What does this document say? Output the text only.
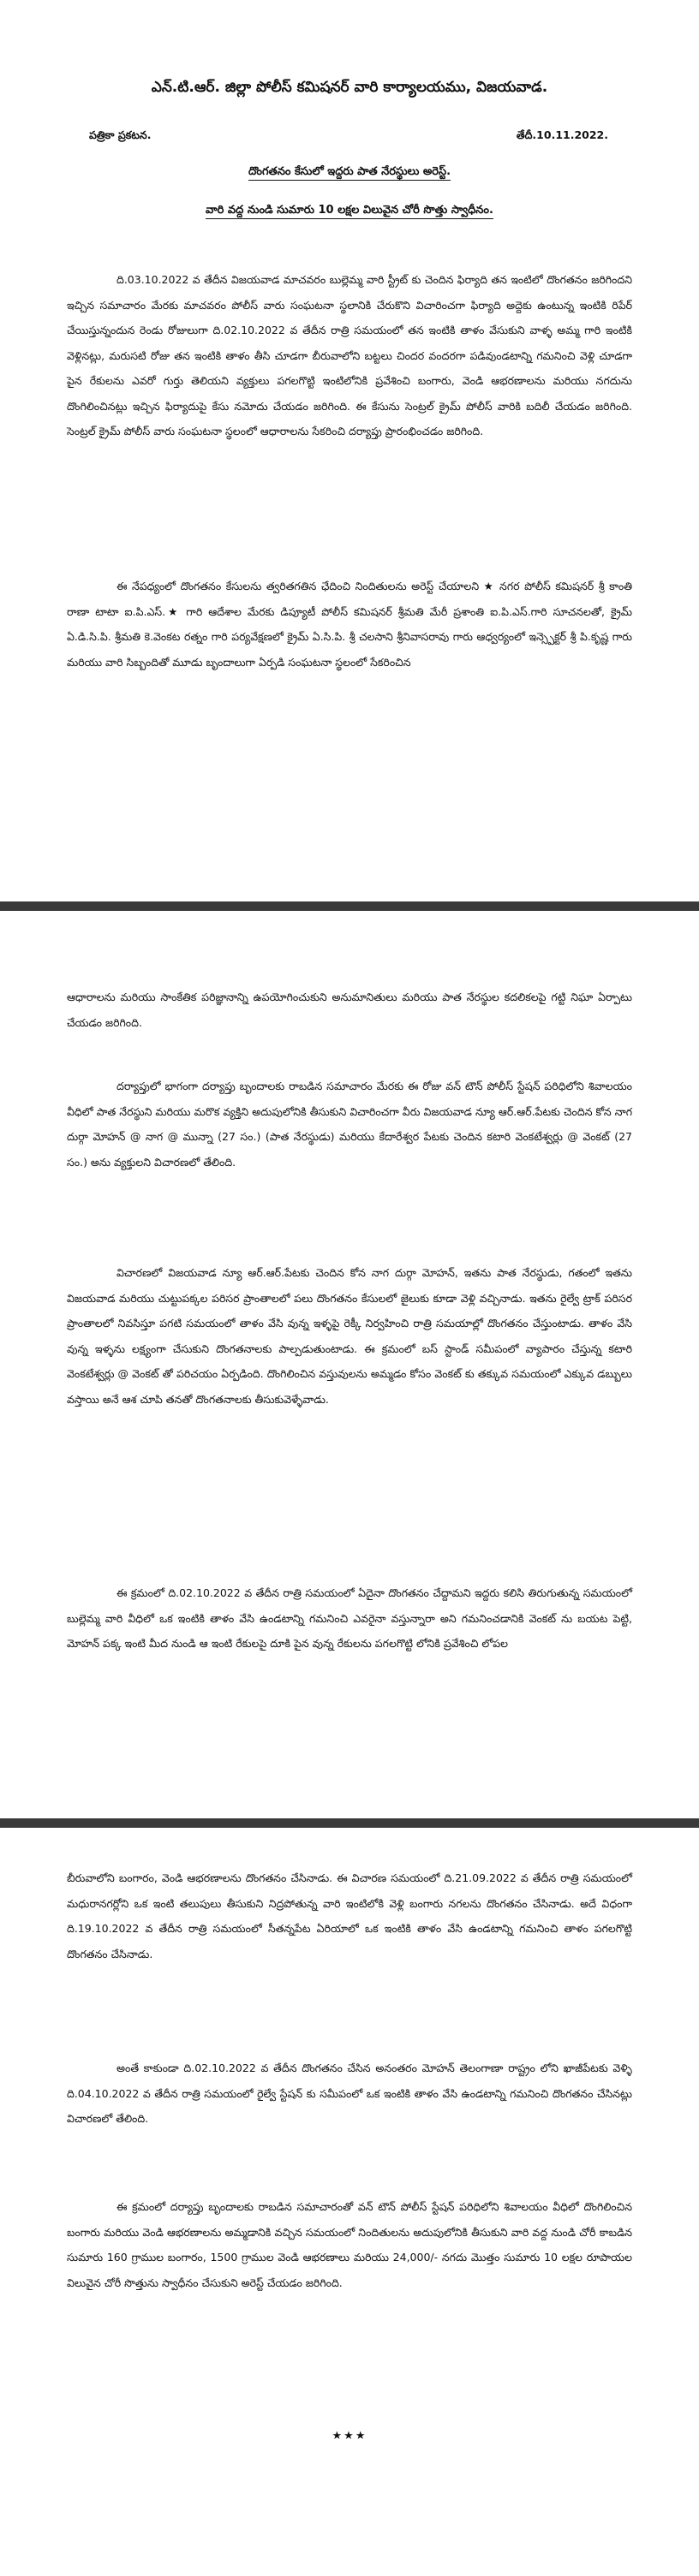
ఎన్.టి.ఆర్. జిల్లా పోలీస్ కమిషనర్ వారి కార్యాలయము, విజయవాడ.
పత్రికా ప్రకటన.	తేదీ.10.11.2022.
దొంగతనం కేసులో ఇద్దరు పాత నేరస్థులు అరెస్ట్.
వారి వద్ద నుండి సుమారు 10 లక్షల విలువైన చోరీ సొత్తు స్వాధీనం.

ది.03.10.2022 వ తేదీన విజయవాడ మాచవరం బుల్లెమ్మ వారి స్ట్రీట్ కు చెందిన ఫిర్యాది తన ఇంటిలో దొంగతనం జరిగిందని ఇచ్చిన సమాచారం మేరకు మాచవరం పోలీస్ వారు సంఘటనా స్థలానికి చేరుకొని విచారించగా ఫిర్యాది అద్దెకు ఉంటున్న ఇంటికి రిపేర్ చేయిస్తున్నందున రెండు రోజులుగా ది.02.10.2022 వ తేదీన రాత్రి సమయంలో తన ఇంటికి తాళం వేసుకుని వాళ్ళ అమ్మ గారి ఇంటికి వెళ్లినట్లు, మరుసటి రోజు తన ఇంటికి తాళం తీసి చూడగా బీరువాలోని బట్టలు చిందర వందరగా పడివుండటాన్ని గమనించి వెళ్లి చూడగా పైన రేకులను ఎవరో గుర్తు తెలియని వ్యక్తులు పగలగొట్టి ఇంటిలోనికి ప్రవేశించి బంగారు, వెండి ఆభరణాలను మరియు నగదును దొంగిలించినట్లు ఇచ్చిన ఫిర్యాదుపై కేసు నమోదు చేయడం జరిగింది. ఈ కేసును సెంట్రల్ క్రైమ్ పోలీస్ వారికి బదిలీ చేయడం జరిగింది. సెంట్రల్ క్రైమ్ పోలీస్ వారు సంఘటనా స్థలంలో ఆధారాలను సేకరించి దర్యాప్తు ప్రారంభించడం జరిగింది.

ఈ నేపధ్యంలో దొంగతనం కేసులను త్వరితగతిన ఛేదించి నిందితులను అరెస్ట్ చేయాలని ★ నగర పోలీస్ కమిషనర్ శ్రీ కాంతి రాణా టాటా ఐ.పి.ఎస్.★ గారి ఆదేశాల మేరకు డిప్యూటీ పోలీస్ కమిషనర్ శ్రీమతి మేరీ ప్రశాంతి ఐ.పి.ఎస్.గారి సూచనలతో, క్రైమ్ ఏ.డి.సి.పి. శ్రీమతి కె.వెంకట రత్నం గారి పర్యవేక్షణలో క్రైమ్ ఏ.సి.పి. శ్రీ చలసాని శ్రీనివాసరావు గారు ఆధ్వర్యంలో ఇన్స్పెక్టర్ శ్రీ పి.కృష్ణ గారు మరియు వారి సిబ్బందితో మూడు బృందాలుగా ఏర్పడి సంఘటనా స్థలంలో సేకరించిన

ఆధారాలను మరియు సాంకేతిక పరిజ్ఞానాన్ని ఉపయోగించుకుని అనుమానితులు మరియు పాత నేరస్థుల కదలికలపై గట్టి నిఘా ఏర్పాటు చేయడం జరిగింది.

దర్యాప్తులో భాగంగా దర్యాప్తు బృందాలకు రాబడిన సమాచారం మేరకు ఈ రోజు వన్ టౌన్ పోలీస్ స్టేషన్ పరిధిలోని శివాలయం వీధిలో పాత నేరస్థుని మరియు మరొక వ్యక్తిని అదుపులోనికి తీసుకుని విచారించగా వీరు విజయవాడ న్యూ ఆర్.ఆర్.పేటకు చెందిన కోన నాగ దుర్గా మోహన్ @ నాగ @ మున్నా (27 సం.) (పాత నేరస్థుడు) మరియు కేదారేశ్వర పేటకు చెందిన కటారి వెంకటేశ్వర్లు @ వెంకట్ (27 సం.) అను వ్యక్తులని విచారణలో తేలింది.

విచారణలో విజయవాడ న్యూ ఆర్.ఆర్.పేటకు చెందిన కోన నాగ దుర్గా మోహన్, ఇతను పాత నేరస్థుడు, గతంలో ఇతను విజయవాడ మరియు చుట్టుపక్కల పరిసర ప్రాంతాలలో పలు దొంగతనం కేసులలో జైలుకు కూడా వెళ్లి వచ్చినాడు. ఇతను రైల్వే ట్రాక్ పరిసర ప్రాంతాలలో నివసిస్తూ పగటి సమయంలో తాళం వేసి వున్న ఇళ్ళపై రెక్కీ నిర్వహించి రాత్రి సమయాల్లో దొంగతనం చేస్తుంటాడు. తాళం వేసి వున్న ఇళ్ళను లక్ష్యంగా చేసుకుని దొంగతనాలకు పాల్పడుతుంటాడు. ఈ క్రమంలో బస్ స్టాండ్ సమీపంలో వ్యాపారం చేస్తున్న కటారి వెంకటేశ్వర్లు @ వెంకట్ తో పరిచయం ఏర్పడింది. దొంగిలించిన వస్తువులను అమ్మడం కోసం వెంకట్ కు తక్కువ సమయంలో ఎక్కువ డబ్బులు వస్తాయి అనే ఆశ చూపి తనతో దొంగతనాలకు తీసుకువెళ్ళేవాడు.

ఈ క్రమంలో ది.02.10.2022 వ తేదీన రాత్రి సమయంలో ఏదైనా దొంగతనం చేద్దామని ఇద్దరు కలిసి తిరుగుతున్న సమయంలో బుల్లెమ్మ వారి వీధిలో ఒక ఇంటికి తాళం వేసి ఉండటాన్ని గమనించి ఎవరైనా వస్తున్నారా అని గమనించడానికి వెంకట్ ను బయట పెట్టి, మోహన్ పక్క ఇంటి మీద నుండి ఆ ఇంటి రేకులపై దూకి పైన వున్న రేకులను పగలగొట్టి లోనికి ప్రవేశించి లోపల

బీరువాలోని బంగారం, వెండి ఆభరణాలను దొంగతనం చేసినాడు. ఈ విచారణ సమయంలో ది.21.09.2022 వ తేదీన రాత్రి సమయంలో మధురానగర్లోని ఒక ఇంటి తలుపులు తీసుకుని నిద్రపోతున్న వారి ఇంటిలోకి వెళ్లి బంగారు నగలను దొంగతనం చేసినాడు. అదే విధంగా ది.19.10.2022 వ తేదీన రాత్రి సమయంలో సీతన్నపేట ఏరియాలో ఒక ఇంటికి తాళం వేసి ఉండటాన్ని గమనించి తాళం పగలగొట్టి దొంగతనం చేసినాడు.

అంతే కాకుండా ది.02.10.2022 వ తేదీన దొంగతనం చేసిన అనంతరం మోహన్ తెలంగాణా రాష్ట్రం లోని ఖాజీపేటకు వెళ్ళి ది.04.10.2022 వ తేదీన రాత్రి సమయంలో రైల్వే స్టేషన్ కు సమీపంలో ఒక ఇంటికి తాళం వేసి ఉండటాన్ని గమనించి దొంగతనం చేసినట్లు విచారణలో తేలింది.

ఈ క్రమంలో దర్యాప్తు బృందాలకు రాబడిన సమాచారంతో వన్ టౌన్ పోలీస్ స్టేషన్ పరిధిలోని శివాలయం వీధిలో దొంగిలించిన బంగారు మరియు వెండి ఆభరణాలను అమ్మడానికి వచ్చిన సమయంలో నిందితులను అదుపులోనికి తీసుకుని వారి వద్ద నుండి చోరీ కాబడిన సుమారు 160 గ్రాముల బంగారం, 1500 గ్రాముల వెండి ఆభరణాలు మరియు 24,000/- నగదు మొత్తం సుమారు 10 లక్షల రూపాయల విలువైన చోరీ సొత్తును స్వాధీనం చేసుకుని అరెస్ట్ చేయడం జరిగింది.

★★★
